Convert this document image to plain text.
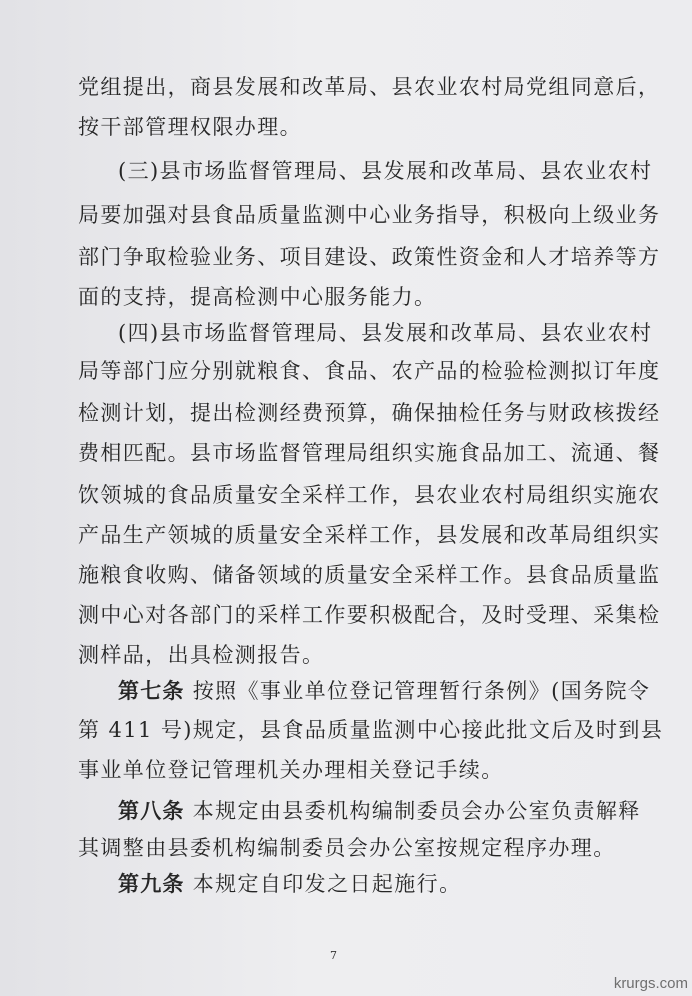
党组提出，商县发展和改革局、县农业农村局党组同意后，
按干部管理权限办理。
(三)县市场监督管理局、县发展和改革局、县农业农村
局要加强对县食品质量监测中心业务指导，积极向上级业务
部门争取检验业务、项目建设、政策性资金和人才培养等方
面的支持，提高检测中心服务能力。
(四)县市场监督管理局、县发展和改革局、县农业农村
局等部门应分别就粮食、食品、农产品的检验检测拟订年度
检测计划，提出检测经费预算，确保抽检任务与财政核拨经
费相匹配。县市场监督管理局组织实施食品加工、流通、餐
饮领城的食品质量安全采样工作，县农业农村局组织实施农
产品生产领城的质量安全采样工作，县发展和改革局组织实
施粮食收购、储备领域的质量安全采样工作。县食品质量监
测中心对各部门的采样工作要积极配合，及时受理、采集检
测样品，出具检测报告。
第七条 按照《事业单位登记管理暂行条例》(国务院令
第 411 号)规定，县食品质量监测中心接此批文后及时到县
事业单位登记管理机关办理相关登记手续。
第八条 本规定由县委机构编制委员会办公室负责解释
其调整由县委机构编制委员会办公室按规定程序办理。
第九条 本规定自印发之日起施行。
7
krurgs.com
